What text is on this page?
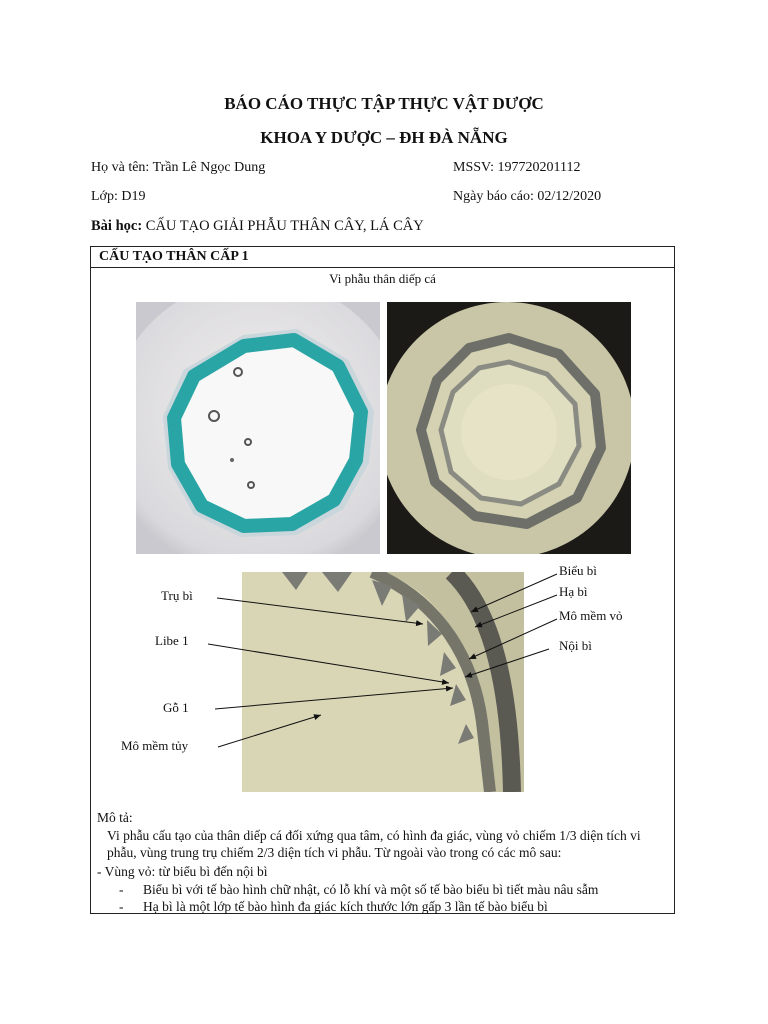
BÁO CÁO THỰC TẬP THỰC VẬT DƯỢC
KHOA Y DƯỢC – ĐH ĐÀ NẴNG
Họ và tên: Trần Lê Ngọc Dung	MSSV: 197720201112
Lớp: D19	Ngày báo cáo: 02/12/2020
Bài học: CẤU TẠO GIẢI PHẪU THÂN CÂY, LÁ CÂY
CẤU TẠO THÂN CẤP 1
Vi phẫu thân diếp cá
Trụ bì
Libe 1
Gỗ 1
Mô mềm tủy
Biểu bì
Hạ bì
Mô mềm vỏ
Nội bì
Mô tả:
Vi phẫu cấu tạo của thân diếp cá đối xứng qua tâm, có hình đa giác, vùng vỏ chiếm 1/3 diện tích vi phẫu, vùng trung trụ chiếm 2/3 diện tích vi phẫu. Từ ngoài vào trong có các mô sau:
- Vùng vỏ: từ biểu bì đến nội bì
- Biểu bì với tế bào hình chữ nhật, có lỗ khí và một số tế bào biểu bì tiết màu nâu sẫm
- Hạ bì là một lớp tế bào hình đa giác kích thước lớn gấp 3 lần tế bào biểu bì
